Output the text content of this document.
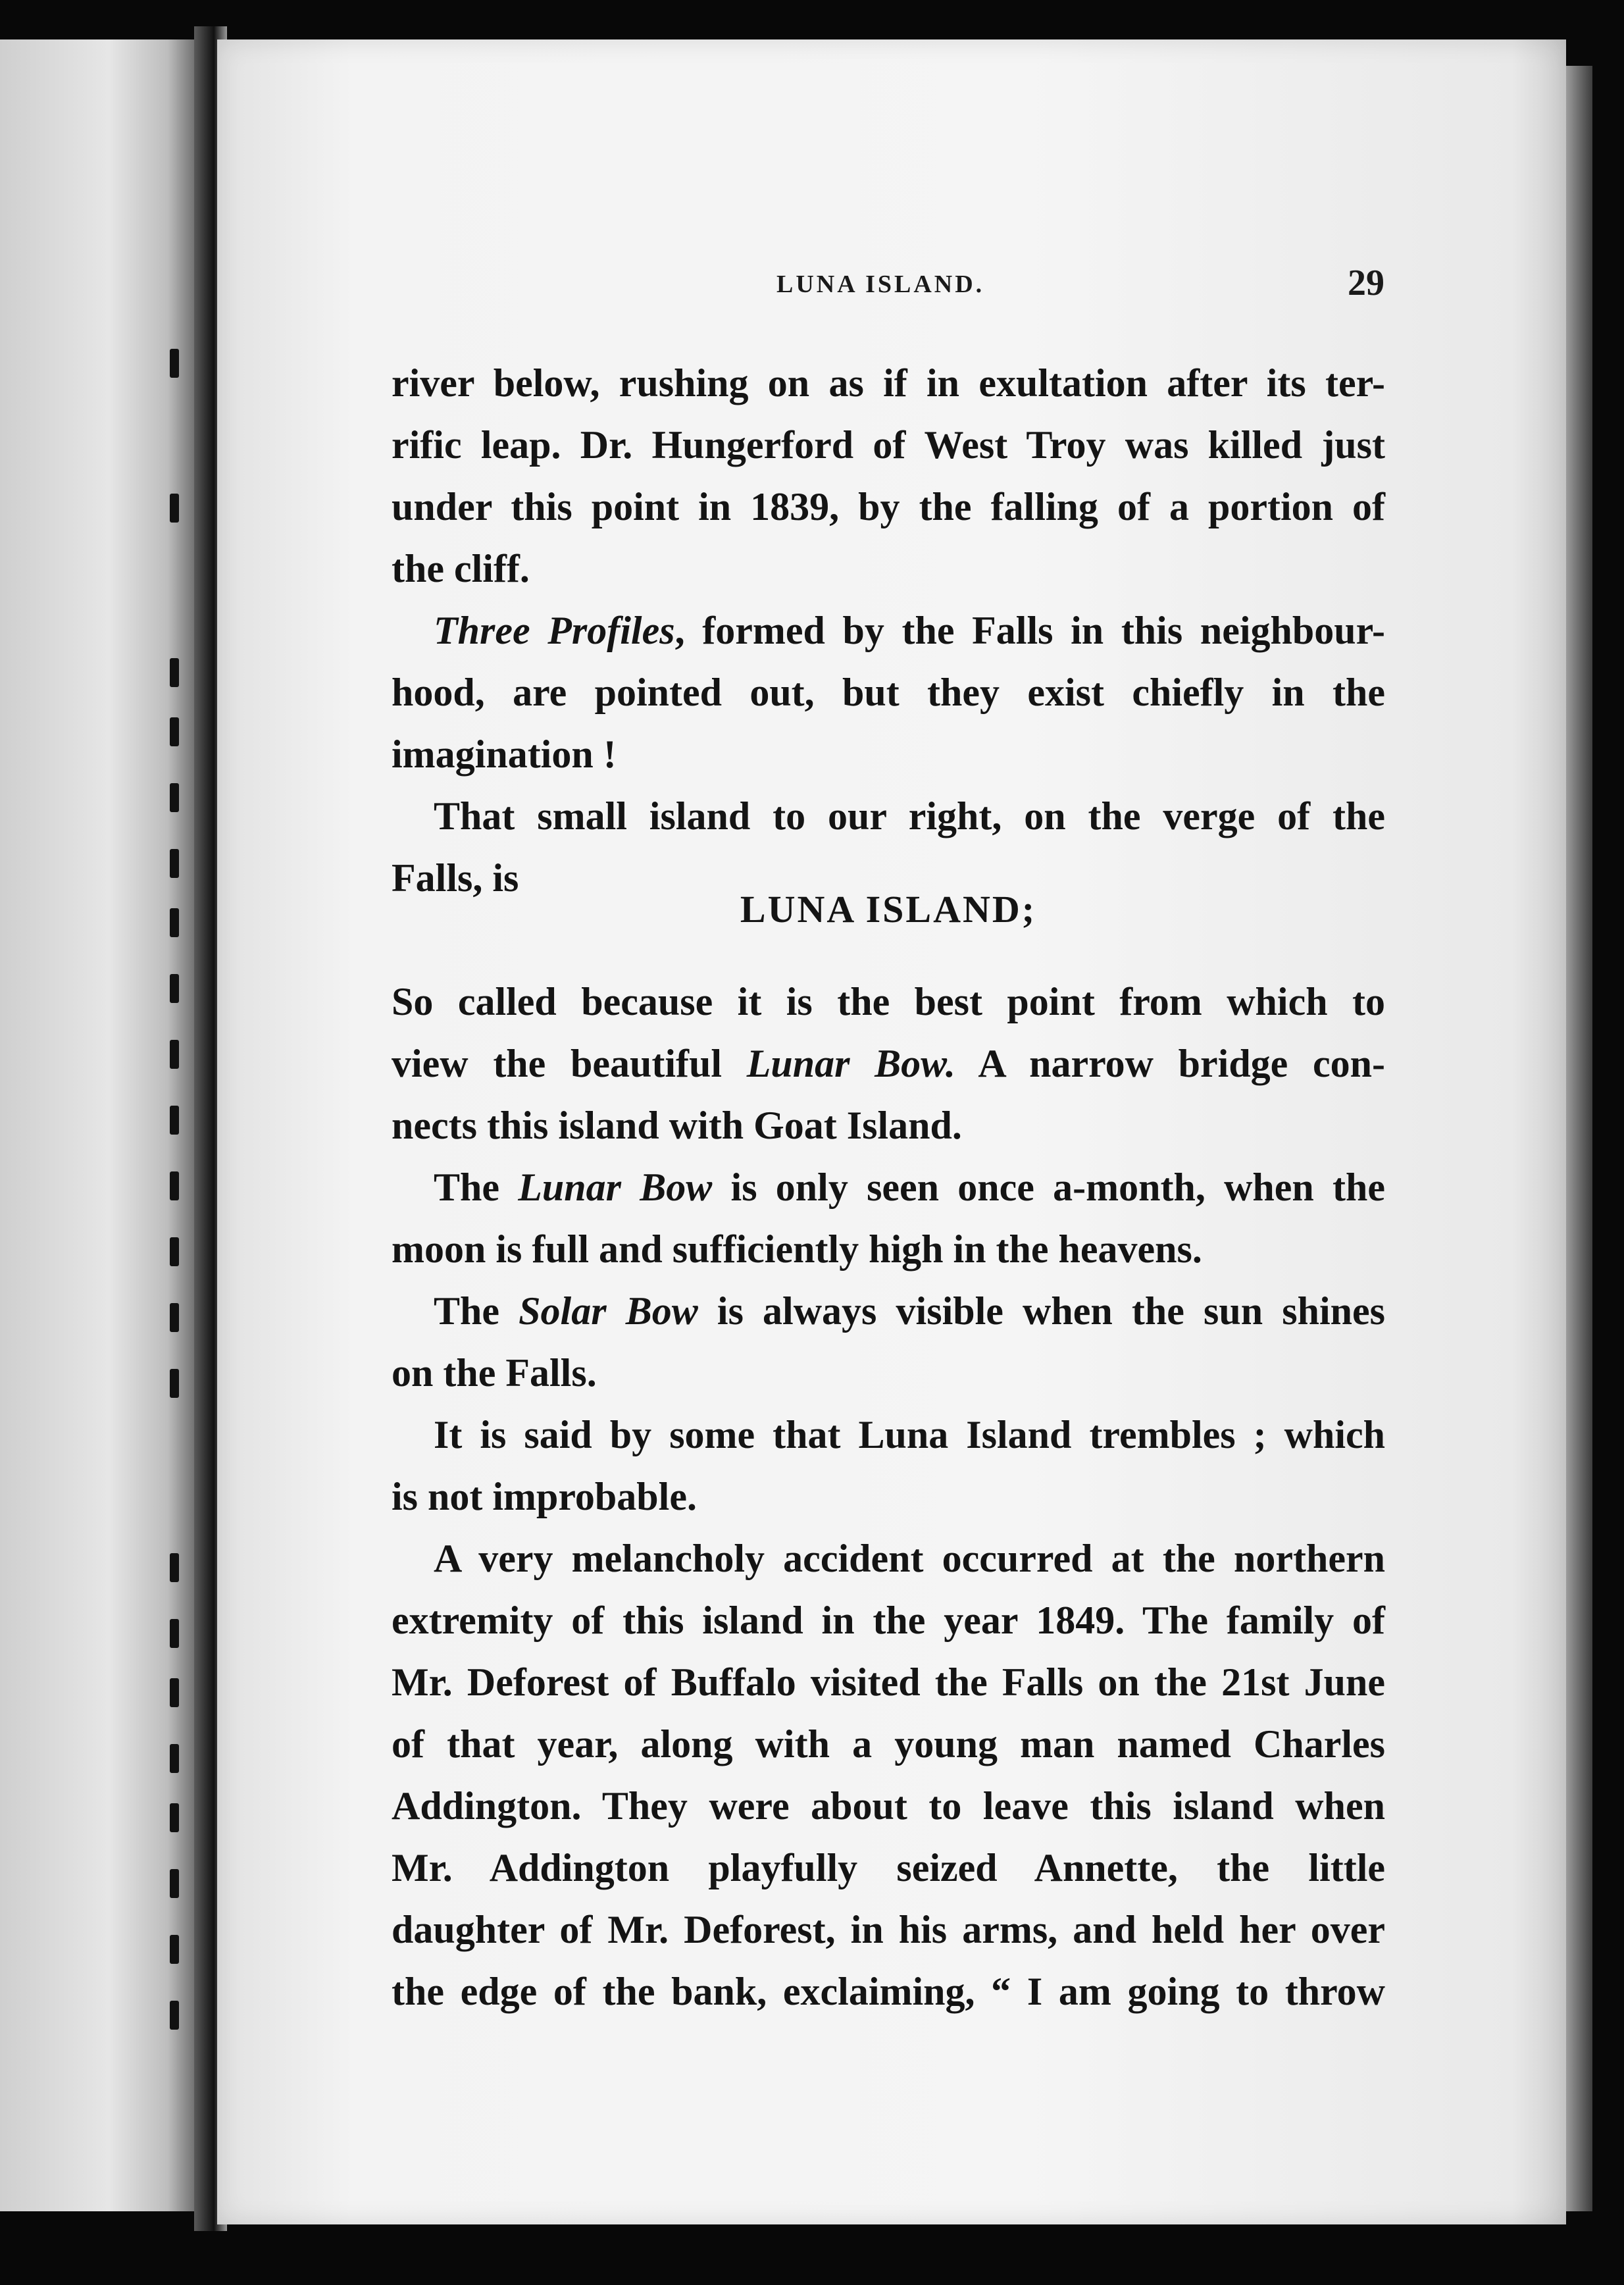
LUNA ISLAND.	29
river below, rushing on as if in exultation after its ter-
rific leap. Dr. Hungerford of West Troy was killed just
under this point in 1839, by the falling of a portion of
the cliff.
Three Profiles, formed by the Falls in this neighbour-
hood, are pointed out, but they exist chiefly in the
imagination !
That small island to our right, on the verge of the
Falls, is
LUNA ISLAND;
So called because it is the best point from which to
view the beautiful Lunar Bow. A narrow bridge con-
nects this island with Goat Island.
The Lunar Bow is only seen once a-month, when the
moon is full and sufficiently high in the heavens.
The Solar Bow is always visible when the sun shines
on the Falls.
It is said by some that Luna Island trembles ; which
is not improbable.
A very melancholy accident occurred at the northern
extremity of this island in the year 1849. The family of
Mr. Deforest of Buffalo visited the Falls on the 21st June
of that year, along with a young man named Charles
Addington. They were about to leave this island when
Mr. Addington playfully seized Annette, the little
daughter of Mr. Deforest, in his arms, and held her over
the edge of the bank, exclaiming, “ I am going to throw
